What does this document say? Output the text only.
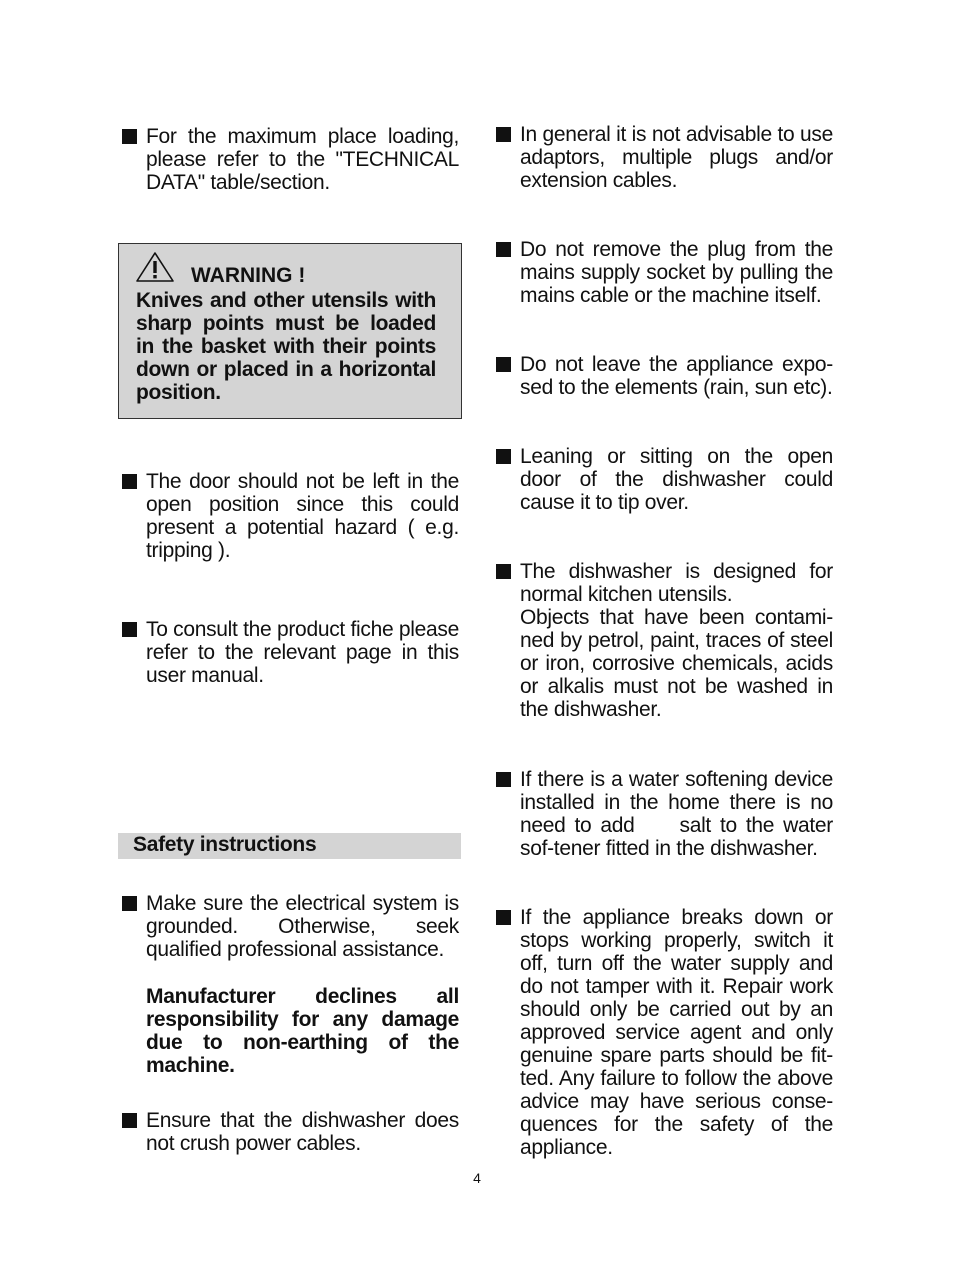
For the maximum place loading, please refer to the "TECHNICAL DATA" table/section.
WARNING !
Knives and other utensils with sharp points must be loaded in the basket with their points down or placed in a horizontal position.
The door should not be left in the open position since this could present a potential hazard ( e.g. tripping ).
To consult the product fiche please refer to the relevant page in this user manual.
Safety instructions
Make sure the electrical system is grounded. Otherwise, seek qualified professional assistance.
Manufacturer declines all responsibility for any damage due to non-earthing of the machine.
Ensure that the dishwasher does not crush power cables.
In general it is not advisable to use adaptors, multiple plugs and/or extension cables.
Do not remove the plug from the mains supply socket by pulling the mains cable or the machine itself.
Do not leave the appliance expo-sed to the elements (rain, sun etc).
Leaning or sitting on the open door of the dishwasher could cause it to tip over.
The dishwasher is designed for normal kitchen utensils.
Objects that have been contami-ned by petrol, paint, traces of steel or iron, corrosive chemicals, acids or alkalis must not be washed in the dishwasher.
If there is a water softening device installed in the home there is no need to add     salt to the water sof-tener fitted in the dishwasher.
If the appliance breaks down or stops working properly, switch it off, turn off the water supply and do not tamper with it. Repair work should only be carried out by an approved service agent and only genuine spare parts should be fit-ted. Any failure to follow the above advice may have serious conse-quences for the safety of the appliance.
4
